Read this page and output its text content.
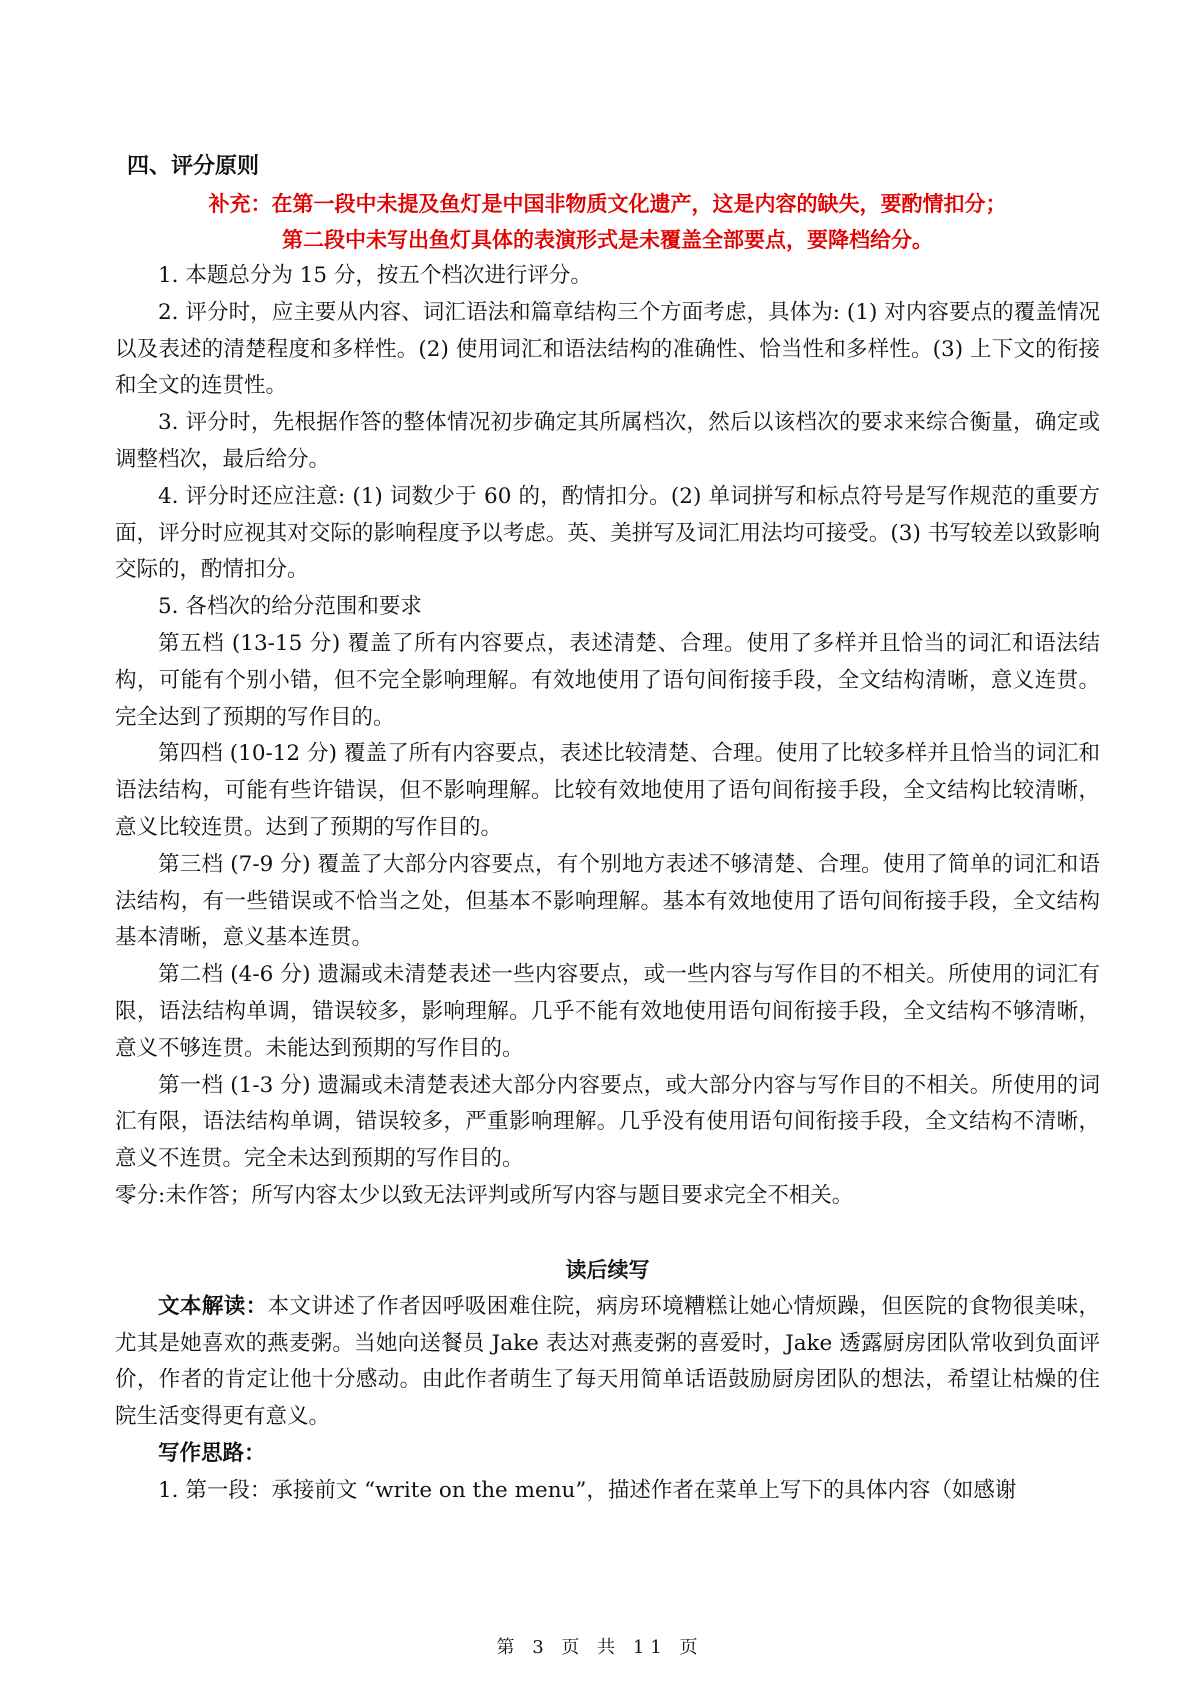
四、评分原则

补充：在第一段中未提及鱼灯是中国非物质文化遗产，这是内容的缺失，要酌情扣分；

第二段中未写出鱼灯具体的表演形式是未覆盖全部要点，要降档给分。

1. 本题总分为 15 分，按五个档次进行评分。

2. 评分时，应主要从内容、词汇语法和篇章结构三个方面考虑，具体为: (1) 对内容要点的覆盖情况以及表述的清楚程度和多样性。(2) 使用词汇和语法结构的准确性、恰当性和多样性。(3) 上下文的衔接和全文的连贯性。

3. 评分时，先根据作答的整体情况初步确定其所属档次，然后以该档次的要求来综合衡量，确定或调整档次，最后给分。

4. 评分时还应注意: (1) 词数少于 60 的，酌情扣分。(2) 单词拼写和标点符号是写作规范的重要方面，评分时应视其对交际的影响程度予以考虑。英、美拼写及词汇用法均可接受。(3) 书写较差以致影响交际的，酌情扣分。

5. 各档次的给分范围和要求

第五档 (13-15 分) 覆盖了所有内容要点，表述清楚、合理。使用了多样并且恰当的词汇和语法结构，可能有个别小错，但不完全影响理解。有效地使用了语句间衔接手段，全文结构清晰，意义连贯。完全达到了预期的写作目的。

第四档 (10-12 分) 覆盖了所有内容要点，表述比较清楚、合理。使用了比较多样并且恰当的词汇和语法结构，可能有些许错误，但不影响理解。比较有效地使用了语句间衔接手段，全文结构比较清晰，意义比较连贯。达到了预期的写作目的。

第三档 (7-9 分) 覆盖了大部分内容要点，有个别地方表述不够清楚、合理。使用了简单的词汇和语法结构，有一些错误或不恰当之处，但基本不影响理解。基本有效地使用了语句间衔接手段，全文结构基本清晰，意义基本连贯。

第二档 (4-6 分) 遗漏或未清楚表述一些内容要点，或一些内容与写作目的不相关。所使用的词汇有限，语法结构单调，错误较多，影响理解。几乎不能有效地使用语句间衔接手段，全文结构不够清晰，意义不够连贯。未能达到预期的写作目的。

第一档 (1-3 分) 遗漏或未清楚表述大部分内容要点，或大部分内容与写作目的不相关。所使用的词汇有限，语法结构单调，错误较多，严重影响理解。几乎没有使用语句间衔接手段，全文结构不清晰，意义不连贯。完全未达到预期的写作目的。

零分:未作答；所写内容太少以致无法评判或所写内容与题目要求完全不相关。

读后续写

文本解读：本文讲述了作者因呼吸困难住院，病房环境糟糕让她心情烦躁，但医院的食物很美味，尤其是她喜欢的燕麦粥。当她向送餐员 Jake 表达对燕麦粥的喜爱时，Jake 透露厨房团队常收到负面评价，作者的肯定让他十分感动。由此作者萌生了每天用简单话语鼓励厨房团队的想法，希望让枯燥的住院生活变得更有意义。

写作思路：

1. 第一段：承接前文 “write on the menu”，描述作者在菜单上写下的具体内容（如感谢

第 3 页 共 11 页
